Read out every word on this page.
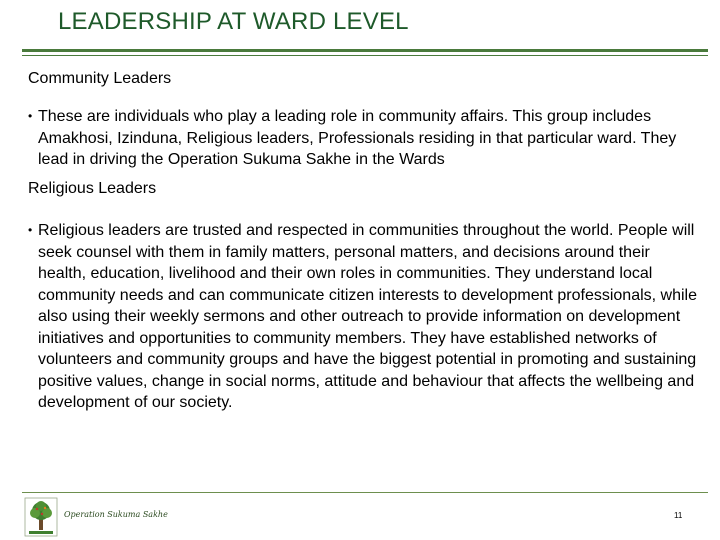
LEADERSHIP AT WARD LEVEL
Community Leaders
• These are individuals who play a leading role in community affairs. This group includes Amakhosi, Izinduna, Religious leaders, Professionals residing in that particular ward. They lead in driving the Operation Sukuma Sakhe in the Wards
Religious Leaders
• Religious leaders are trusted and respected in communities throughout the world. People will seek counsel with them in family matters, personal matters, and decisions around their health, education, livelihood and their own roles in communities. They understand local community needs and can communicate citizen interests to development professionals, while also using their weekly sermons and other outreach to provide information on development initiatives and opportunities to community members. They have established networks of volunteers and community groups and have the biggest potential in promoting and sustaining positive values, change in social norms, attitude and behaviour that affects the wellbeing and development of our society.
Operation Sukuma Sakhe	11
